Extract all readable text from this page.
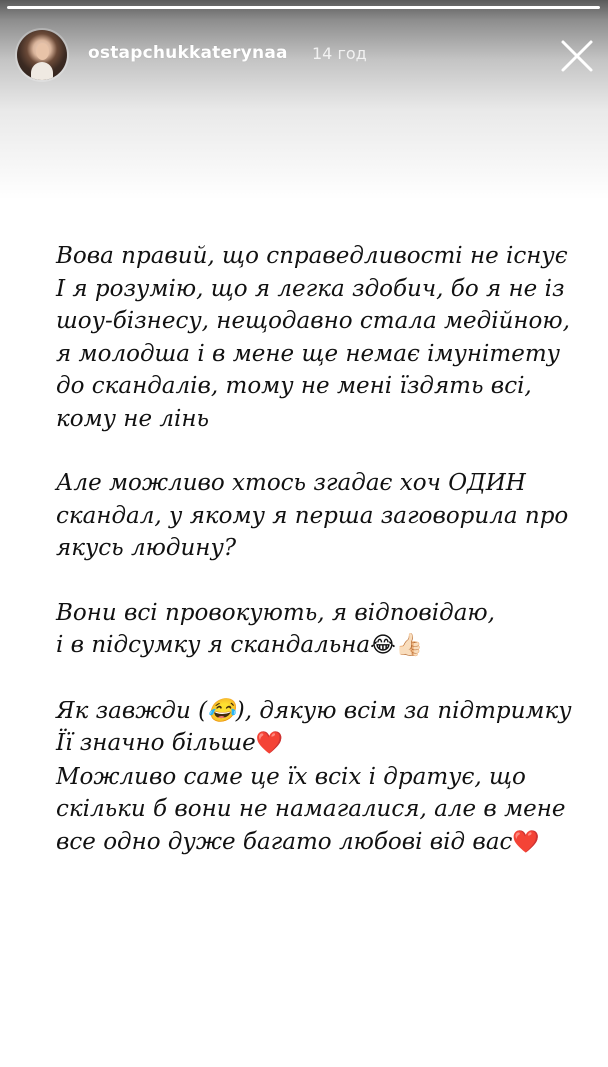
ostapchukkaterynaa 14 год

Вова правий, що справедливості не існує
І я розумію, що я легка здобич, бо я не із
шоу-бізнесу, нещодавно стала медійною,
я молодша і в мене ще немає імунітету
до скандалів, тому не мені їздять всі,
кому не лінь

Але можливо хтось згадає хоч ОДИН
скандал, у якому я перша заговорила про
якусь людину?

Вони всі провокують, я відповідаю,
і в підсумку я скандальна😂👍🏻

Як завжди (😂), дякую всім за підтримку
Її значно більше❤️
Можливо саме це їх всіх і дратує, що
скільки б вони не намагалися, але в мене
все одно дуже багато любові від вас❤️
